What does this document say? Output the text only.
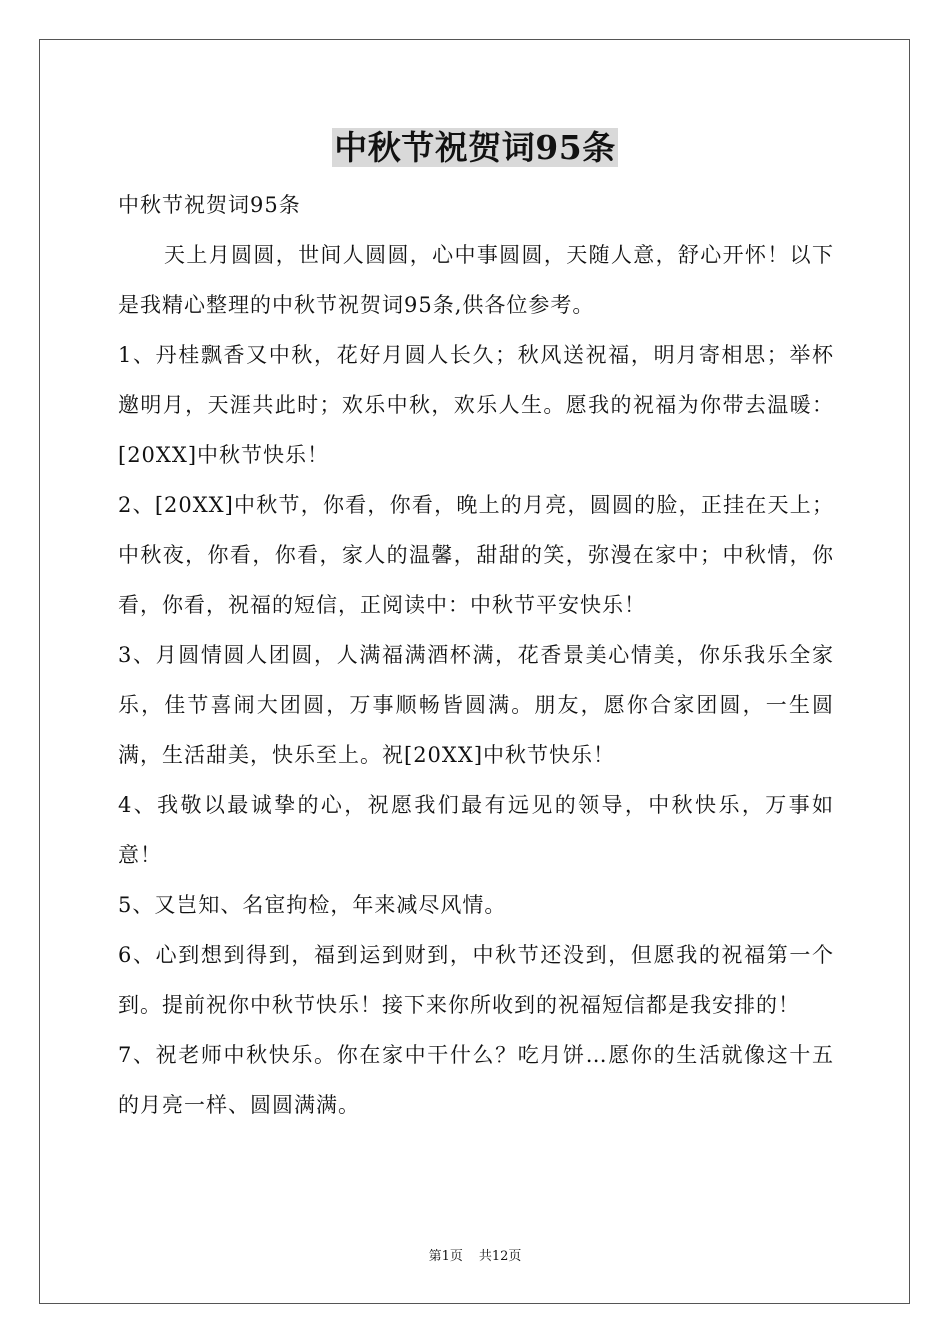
中秋节祝贺词95条

中秋节祝贺词95条

天上月圆圆，世间人圆圆，心中事圆圆，天随人意，舒心开怀！以下是我精心整理的中秋节祝贺词95条,供各位参考。

1、丹桂飘香又中秋，花好月圆人长久；秋风送祝福，明月寄相思；举杯邀明月，天涯共此时；欢乐中秋，欢乐人生。愿我的祝福为你带去温暖：[20XX]中秋节快乐！

2、[20XX]中秋节，你看，你看，晚上的月亮，圆圆的脸，正挂在天上；中秋夜，你看，你看，家人的温馨，甜甜的笑，弥漫在家中；中秋情，你看，你看，祝福的短信，正阅读中：中秋节平安快乐！

3、月圆情圆人团圆，人满福满酒杯满，花香景美心情美，你乐我乐全家乐，佳节喜闹大团圆，万事顺畅皆圆满。朋友，愿你合家团圆，一生圆满，生活甜美，快乐至上。祝[20XX]中秋节快乐！

4、我敬以最诚挚的心，祝愿我们最有远见的领导，中秋快乐，万事如意！

5、又岂知、名宦拘检，年来减尽风情。

6、心到想到得到，福到运到财到，中秋节还没到，但愿我的祝福第一个到。提前祝你中秋节快乐！接下来你所收到的祝福短信都是我安排的！

7、祝老师中秋快乐。你在家中干什么？吃月饼…愿你的生活就像这十五的月亮一样、圆圆满满。

第1页 共12页
